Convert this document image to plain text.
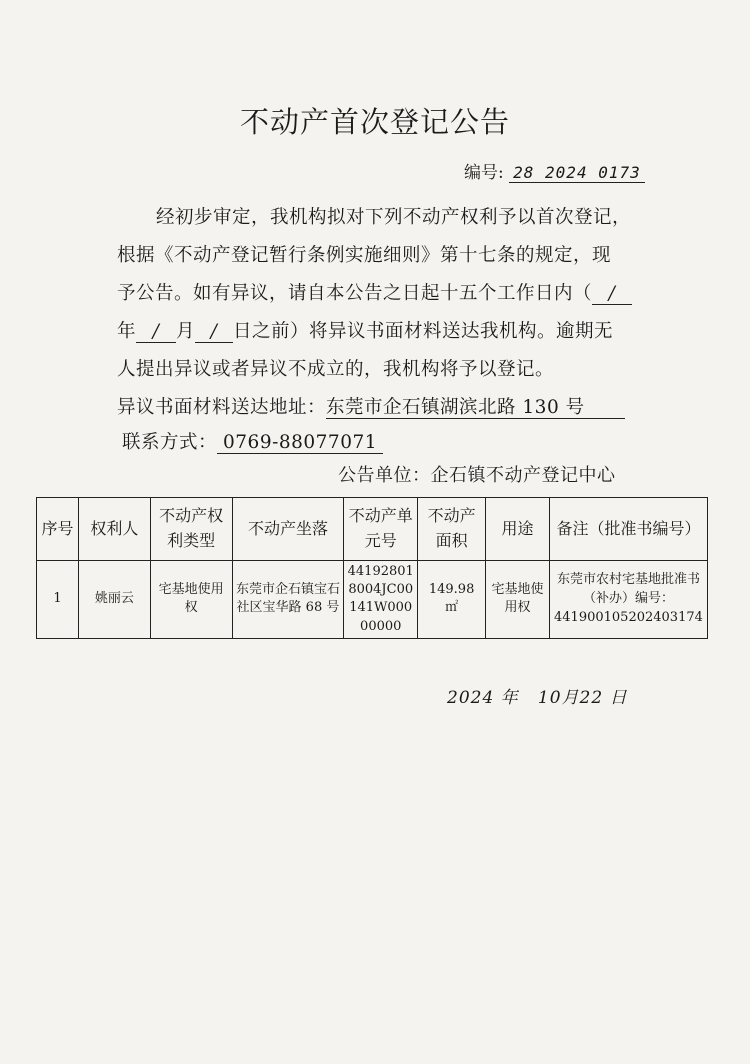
不动产首次登记公告
编号: 28 2024 0173
经初步审定，我机构拟对下列不动产权利予以首次登记，
根据《不动产登记暂行条例实施细则》第十七条的规定，现
予公告。如有异议，请自本公告之日起十五个工作日内（ /
年 / 月 / 日之前）将异议书面材料送达我机构。逾期无
人提出异议或者异议不成立的，我机构将予以登记。
异议书面材料送达地址：东莞市企石镇湖滨北路 130 号
联系方式： 0769-88077071
公告单位：企石镇不动产登记中心
序号	权利人	不动产权利类型	不动产坐落	不动产单元号	不动产面积	用途	备注（批准书编号）
1	姚丽云	宅基地使用权	东莞市企石镇宝石社区宝华路 68 号	441928018004JC00141W00000000	149.98 ㎡	宅基地使用权	东莞市农村宅基地批准书（补办）编号：441900105202403174
2024 年 10月22 日
